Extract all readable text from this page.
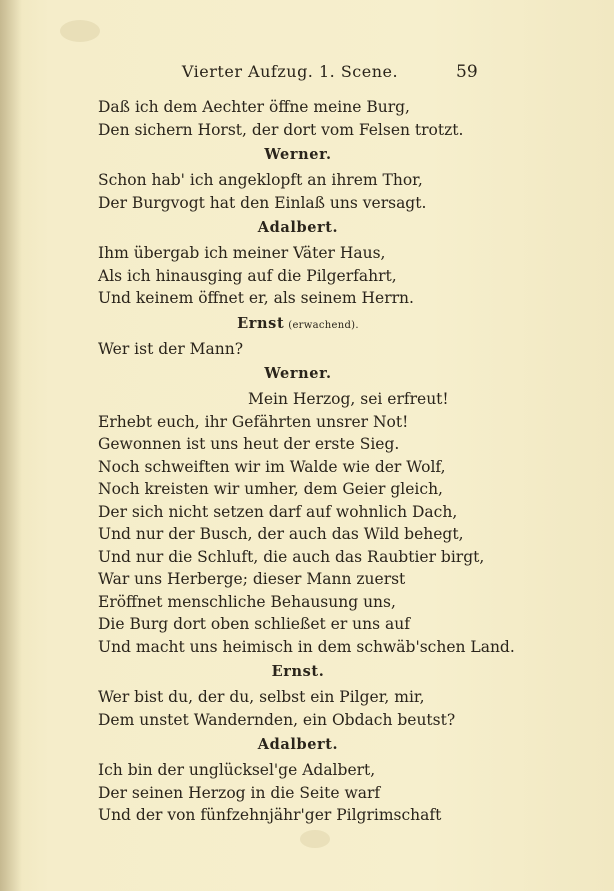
Vierter Aufzug. 1. Scene.	59
Daß ich dem Aechter öffne meine Burg,
Den sichern Horst, der dort vom Felsen trotzt.
Werner.
Schon hab' ich angeklopft an ihrem Thor,
Der Burgvogt hat den Einlaß uns versagt.
Adalbert.
Ihm übergab ich meiner Väter Haus,
Als ich hinausging auf die Pilgerfahrt,
Und keinem öffnet er, als seinem Herrn.
Ernst (erwachend).
Wer ist der Mann?
Werner.
Mein Herzog, sei erfreut!
Erhebt euch, ihr Gefährten unsrer Not!
Gewonnen ist uns heut der erste Sieg.
Noch schweiften wir im Walde wie der Wolf,
Noch kreisten wir umher, dem Geier gleich,
Der sich nicht setzen darf auf wohnlich Dach,
Und nur der Busch, der auch das Wild behegt,
Und nur die Schluft, die auch das Raubtier birgt,
War uns Herberge; dieser Mann zuerst
Eröffnet menschliche Behausung uns,
Die Burg dort oben schließet er uns auf
Und macht uns heimisch in dem schwäb'schen Land.
Ernst.
Wer bist du, der du, selbst ein Pilger, mir,
Dem unstet Wandernden, ein Obdach beutst?
Adalbert.
Ich bin der unglücksel'ge Adalbert,
Der seinen Herzog in die Seite warf
Und der von fünfzehnjähr'ger Pilgrimschaft
